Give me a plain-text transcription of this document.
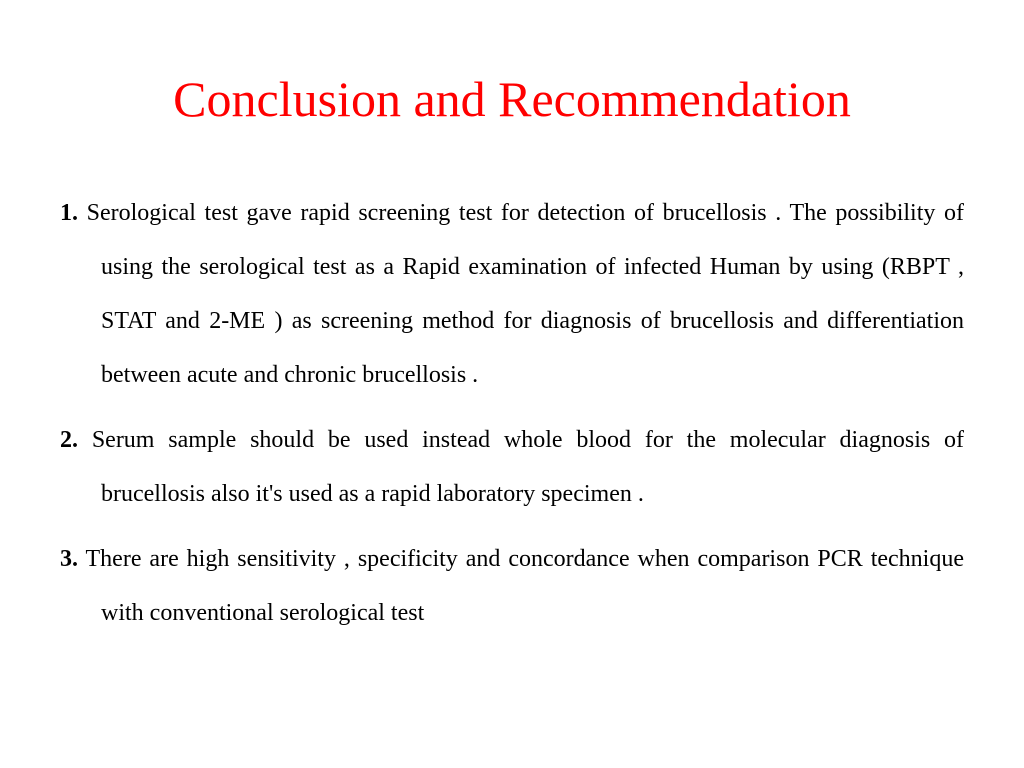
Conclusion and Recommendation
1. Serological test gave rapid screening test for detection of brucellosis . The possibility of using the serological test as a Rapid examination of infected Human by using (RBPT , STAT and 2-ME ) as screening method for diagnosis of brucellosis and differentiation between acute and chronic brucellosis .
2. Serum sample should be used instead whole blood for the molecular diagnosis of brucellosis also it's used as a rapid laboratory specimen .
3. There are high sensitivity , specificity and concordance when comparison PCR technique with conventional serological test
